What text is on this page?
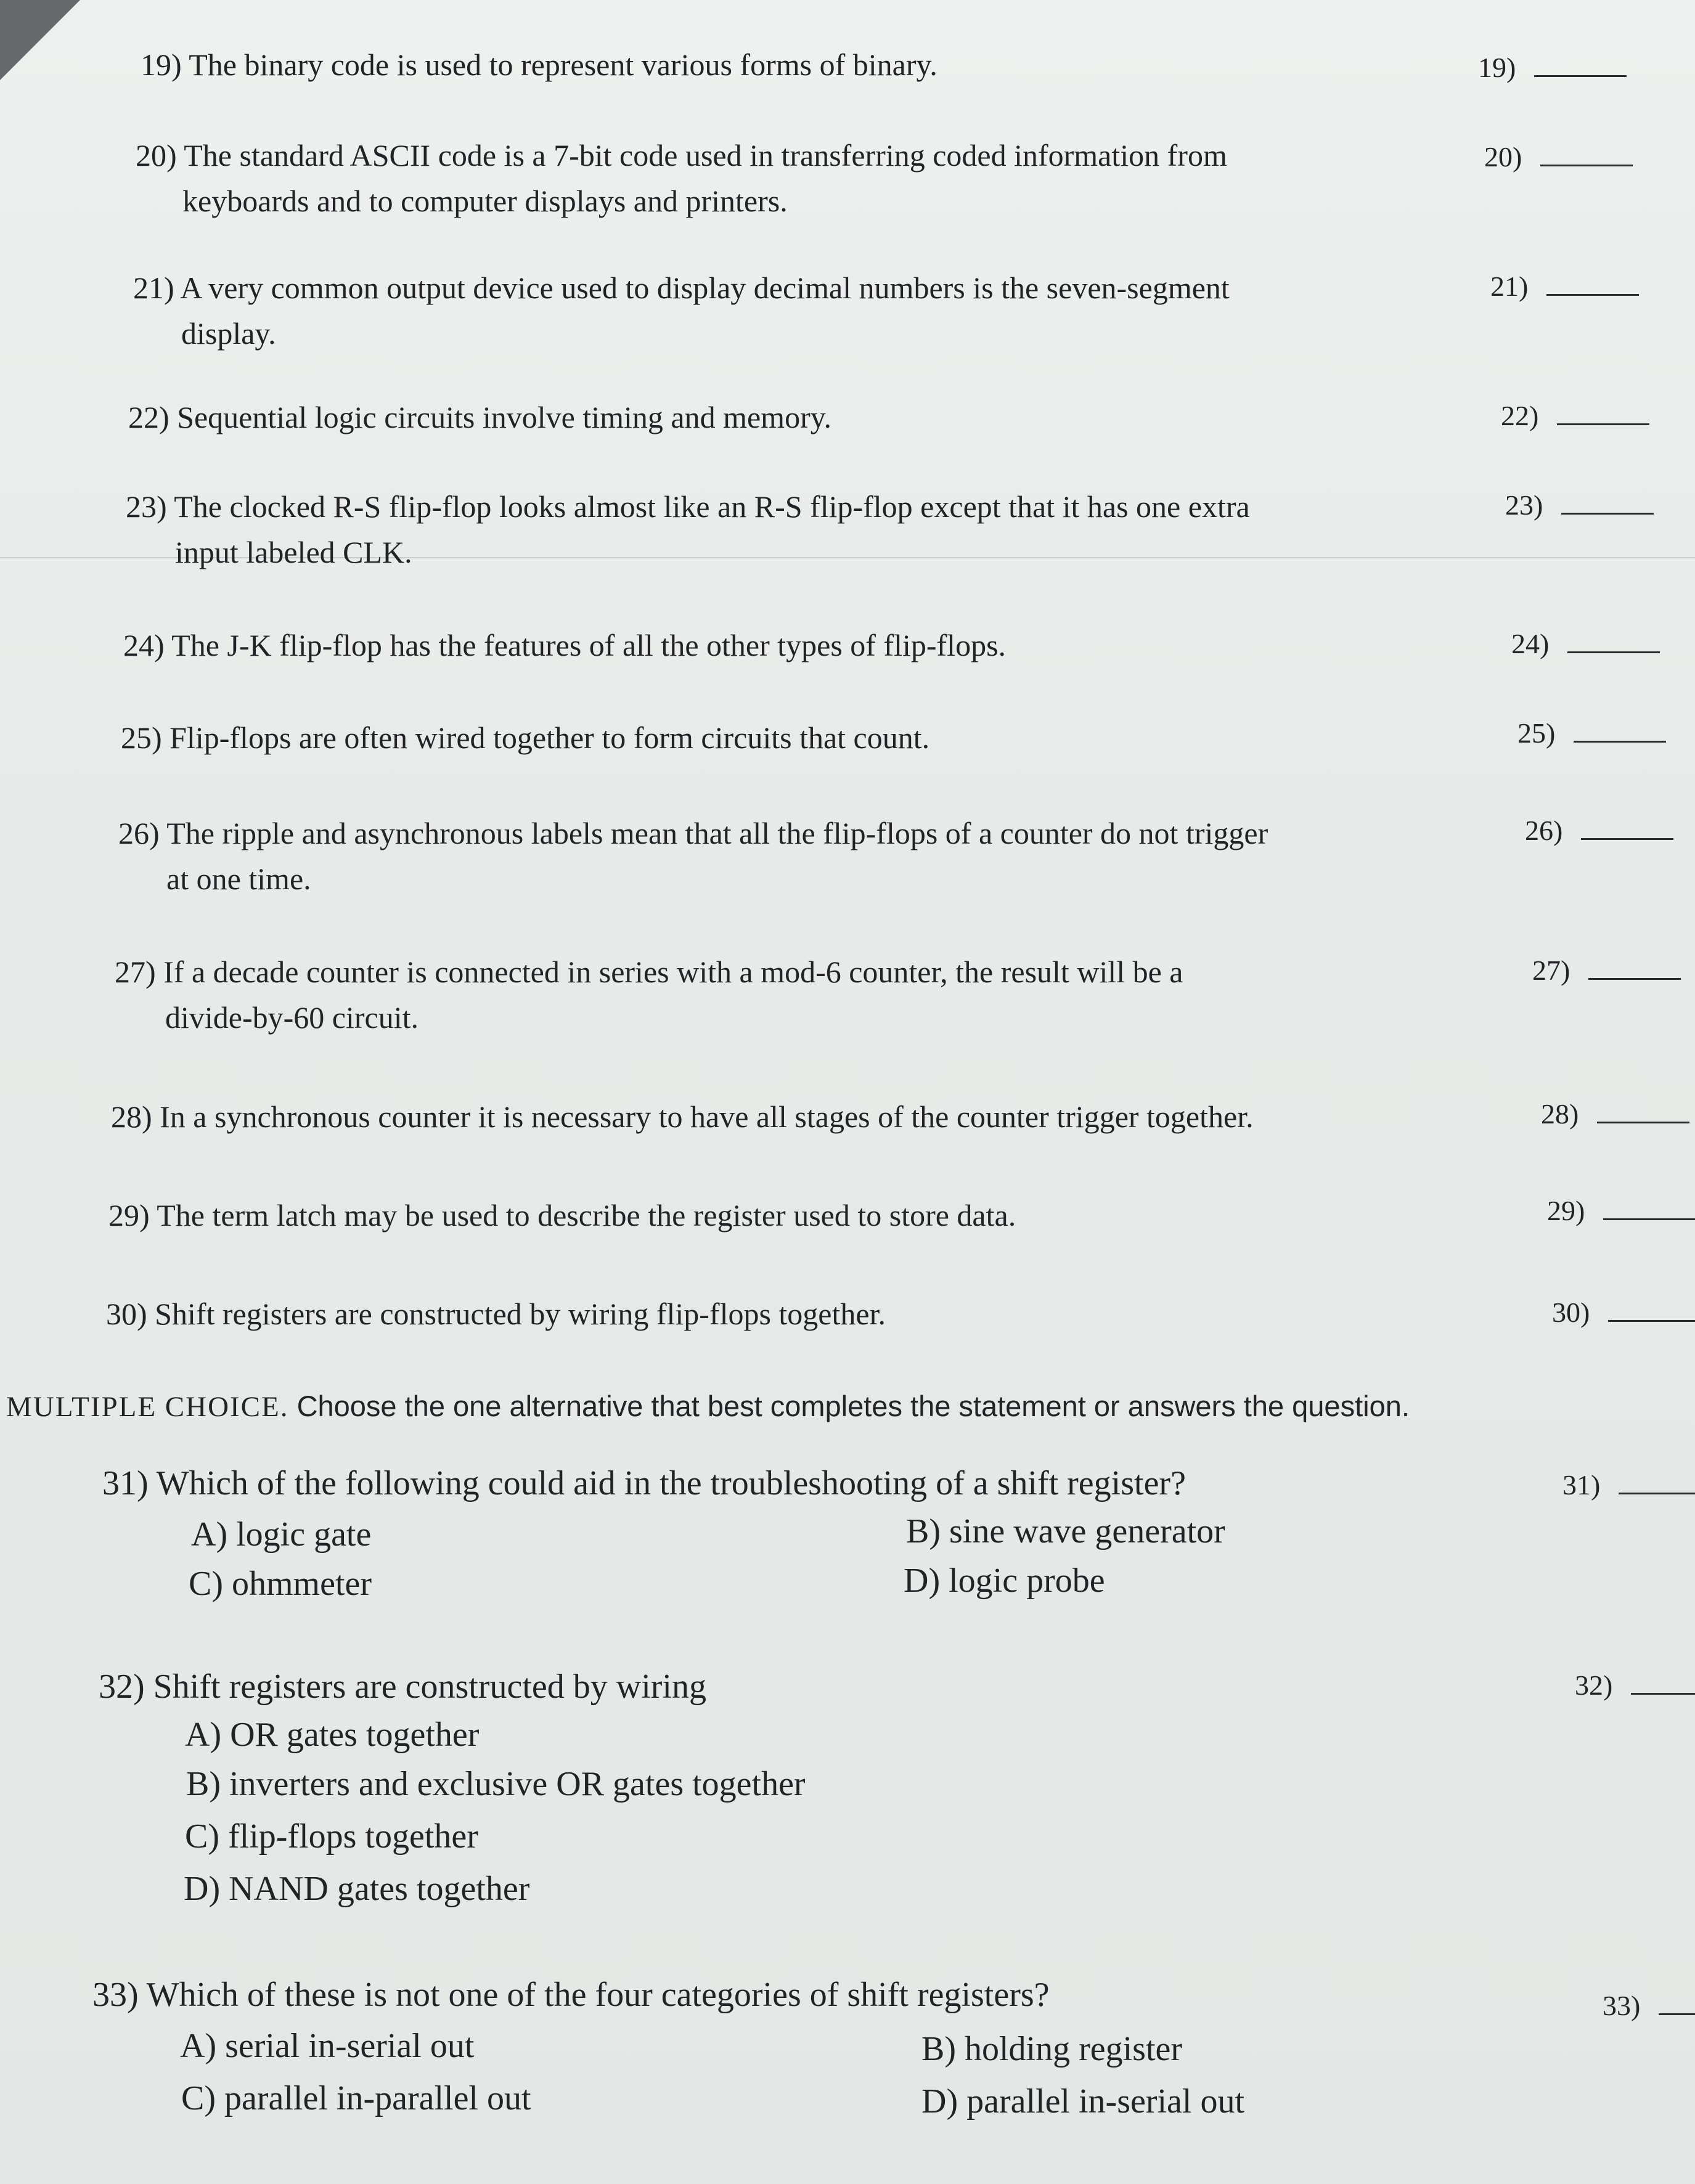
19) The binary code is used to represent various forms of binary.	19)
20) The standard ASCII code is a 7-bit code used in transferring coded information from
keyboards and to computer displays and printers.
20)
21) A very common output device used to display decimal numbers is the seven-segment
display.
21)
22) Sequential logic circuits involve timing and memory.	22)
23) The clocked R-S flip-flop looks almost like an R-S flip-flop except that it has one extra
input labeled CLK.
23)
24) The J-K flip-flop has the features of all the other types of flip-flops.	24)
25) Flip-flops are often wired together to form circuits that count.	25)
26) The ripple and asynchronous labels mean that all the flip-flops of a counter do not trigger
at one time.
26)
27) If a decade counter is connected in series with a mod-6 counter, the result will be a
divide-by-60 circuit.
27)
28) In a synchronous counter it is necessary to have all stages of the counter trigger together.	28)
29) The term latch may be used to describe the register used to store data.	29)
30) Shift registers are constructed by wiring flip-flops together.	30)
MULTIPLE CHOICE. Choose the one alternative that best completes the statement or answers the question.
31) Which of the following could aid in the troubleshooting of a shift register?	31)
A) logic gate	B) sine wave generator
C) ohmmeter	D) logic probe
32) Shift registers are constructed by wiring	32)
A) OR gates together
B) inverters and exclusive OR gates together
C) flip-flops together
D) NAND gates together
33) Which of these is not one of the four categories of shift registers?	33)
A) serial in-serial out	B) holding register
C) parallel in-parallel out	D) parallel in-serial out
